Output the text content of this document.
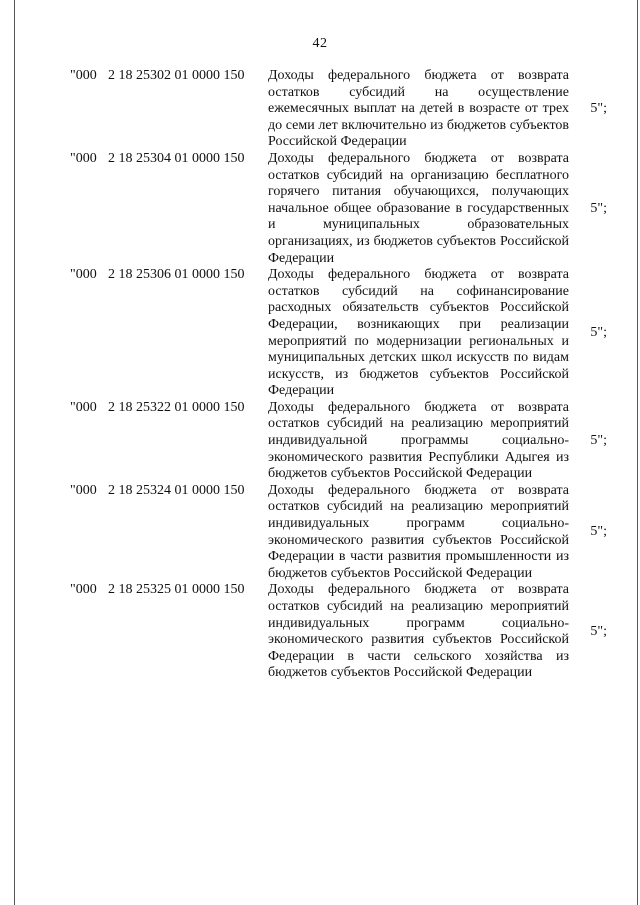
42
"000 2 18 25302 01 0000 150	Доходы федерального бюджета от возврата остатков субсидий на осуществление ежемесячных выплат на детей в возрасте от трех до семи лет включительно из бюджетов субъектов Российской Федерации
5";
"000 2 18 25304 01 0000 150	Доходы федерального бюджета от возврата остатков субсидий на организацию бесплатного горячего питания обучающихся, получающих начальное общее образование в государственных и муниципальных образовательных организациях, из бюджетов субъектов Российской Федерации
5";
"000 2 18 25306 01 0000 150	Доходы федерального бюджета от возврата остатков субсидий на софинансирование расходных обязательств субъектов Российской Федерации, возникающих при реализации мероприятий по модернизации региональных и муниципальных детских школ искусств по видам искусств, из бюджетов субъектов Российской Федерации
5";
"000 2 18 25322 01 0000 150	Доходы федерального бюджета от возврата остатков субсидий на реализацию мероприятий индивидуальной программы социально-экономического развития Республики Адыгея из бюджетов субъектов Российской Федерации
5";
"000 2 18 25324 01 0000 150	Доходы федерального бюджета от возврата остатков субсидий на реализацию мероприятий индивидуальных программ социально-экономического развития субъектов Российской Федерации в части развития промышленности из бюджетов субъектов Российской Федерации
5";
"000 2 18 25325 01 0000 150	Доходы федерального бюджета от возврата остатков субсидий на реализацию мероприятий индивидуальных программ социально-экономического развития субъектов Российской Федерации в части сельского хозяйства из бюджетов субъектов Российской Федерации
5";
